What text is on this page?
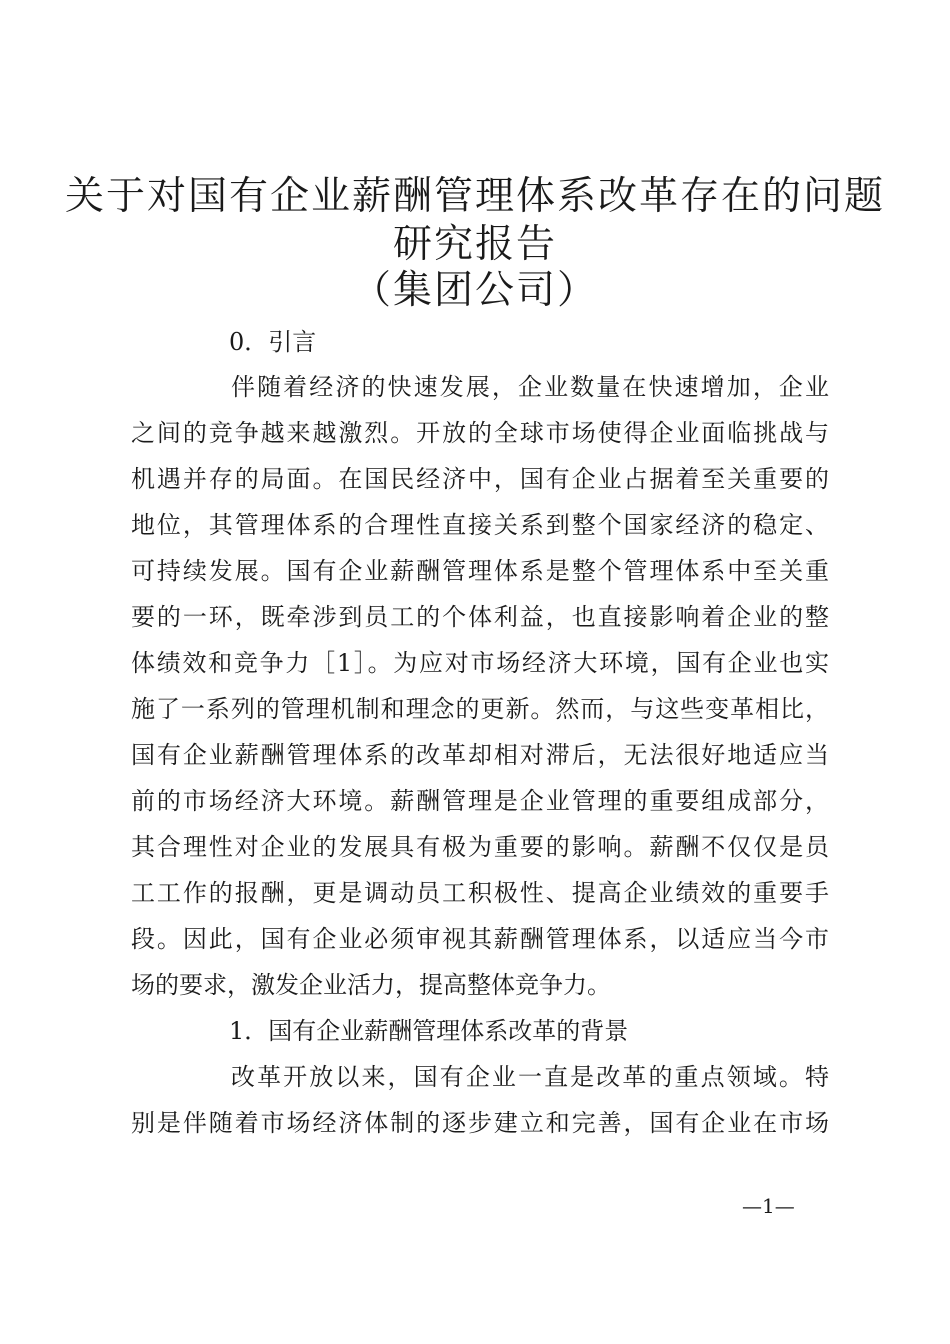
关于对国有企业薪酬管理体系改革存在的问题
研究报告
（集团公司）
0．引言

伴随着经济的快速发展，企业数量在快速增加，企业

之间的竞争越来越激烈。开放的全球市场使得企业面临挑战与

机遇并存的局面。在国民经济中，国有企业占据着至关重要的

地位，其管理体系的合理性直接关系到整个国家经济的稳定、

可持续发展。国有企业薪酬管理体系是整个管理体系中至关重

要的一环，既牵涉到员工的个体利益，也直接影响着企业的整

体绩效和竞争力［1］。为应对市场经济大环境，国有企业也实

施了一系列的管理机制和理念的更新。然而，与这些变革相比，

国有企业薪酬管理体系的改革却相对滞后，无法很好地适应当

前的市场经济大环境。薪酬管理是企业管理的重要组成部分，

其合理性对企业的发展具有极为重要的影响。薪酬不仅仅是员

工工作的报酬，更是调动员工积极性、提高企业绩效的重要手

段。因此，国有企业必须审视其薪酬管理体系，以适应当今市

场的要求，激发企业活力，提高整体竞争力。

1．国有企业薪酬管理体系改革的背景

改革开放以来，国有企业一直是改革的重点领域。特

别是伴随着市场经济体制的逐步建立和完善，国有企业在市场

—1—
